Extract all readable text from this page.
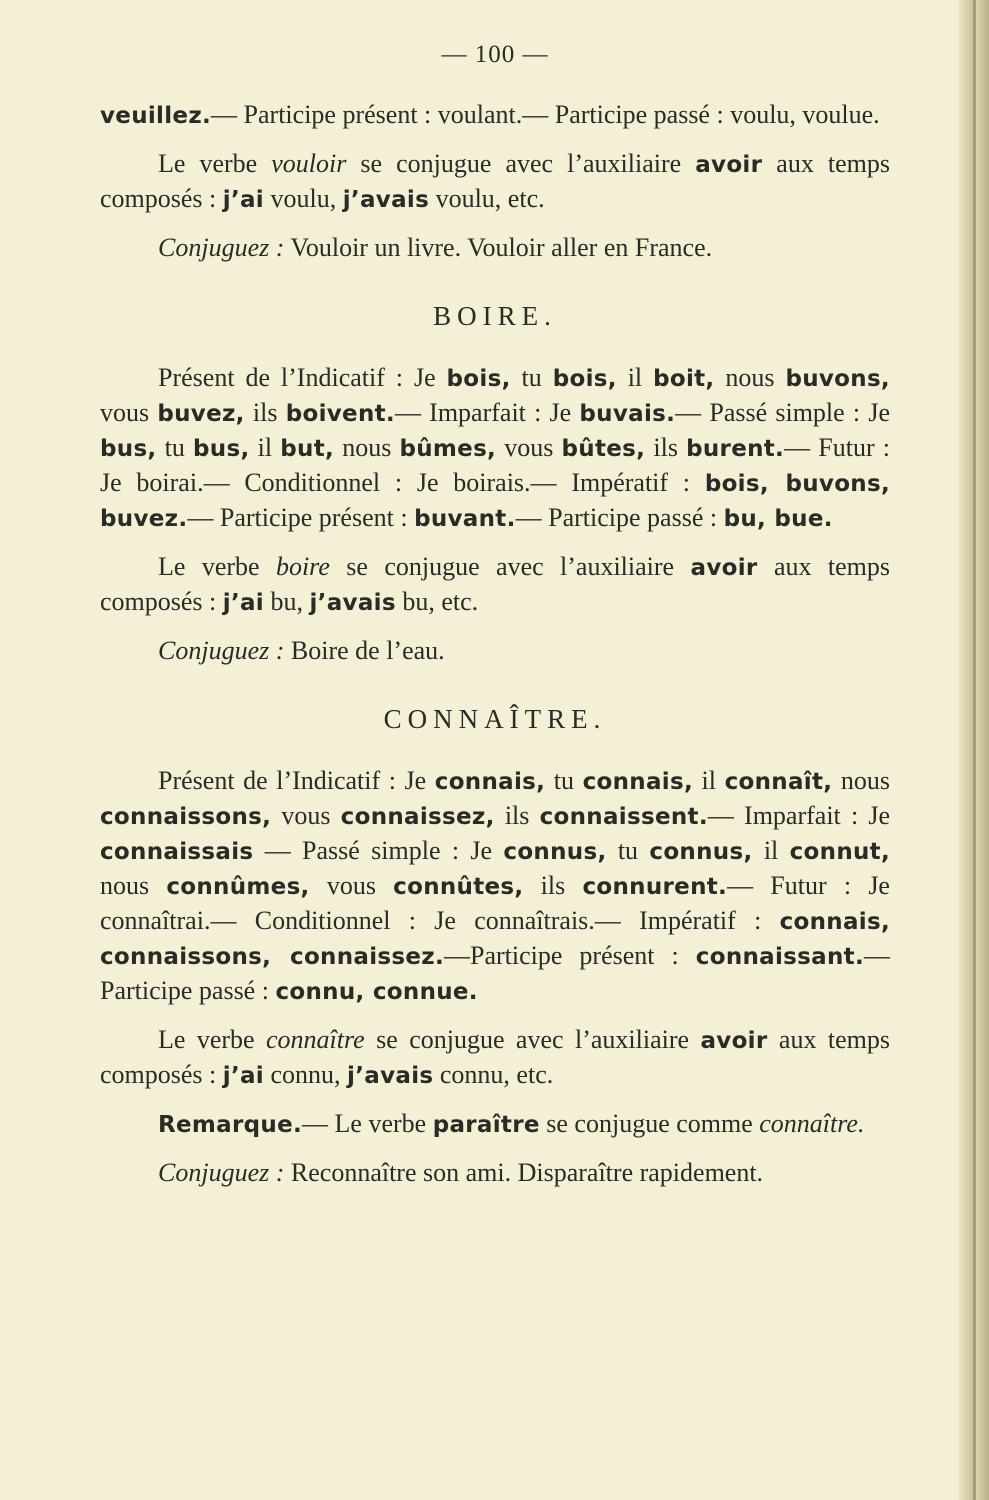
— 100 —

veuillez.— Participe présent : voulant.— Participe passé : voulu, voulue.

Le verbe vouloir se conjugue avec l’auxiliaire avoir aux temps composés : j’ai voulu, j’avais voulu, etc.

Conjuguez : Vouloir un livre. Vouloir aller en France.

BOIRE.

Présent de l’Indicatif : Je bois, tu bois, il boit, nous buvons, vous buvez, ils boivent.— Imparfait : Je buvais.— Passé simple : Je bus, tu bus, il but, nous bûmes, vous bûtes, ils burent.— Futur : Je boirai.— Conditionnel : Je boirais.— Impératif : bois, buvons, buvez.— Participe présent : buvant.— Participe passé : bu, bue.

Le verbe boire se conjugue avec l’auxiliaire avoir aux temps composés : j’ai bu, j’avais bu, etc.

Conjuguez : Boire de l’eau.

CONNAÎTRE.

Présent de l’Indicatif : Je connais, tu connais, il connaît, nous connaissons, vous connaissez, ils connaissent.— Imparfait : Je connaissais — Passé simple : Je connus, tu connus, il connut, nous connûmes, vous connûtes, ils connurent.— Futur : Je connaîtrai.— Conditionnel : Je connaîtrais.— Impératif : connais, connaissons, connaissez.—Participe présent : connaissant.— Participe passé : connu, connue.

Le verbe connaître se conjugue avec l’auxiliaire avoir aux temps composés : j’ai connu, j’avais connu, etc.

Remarque.— Le verbe paraître se conjugue comme connaître.

Conjuguez : Reconnaître son ami. Disparaître rapidement.
